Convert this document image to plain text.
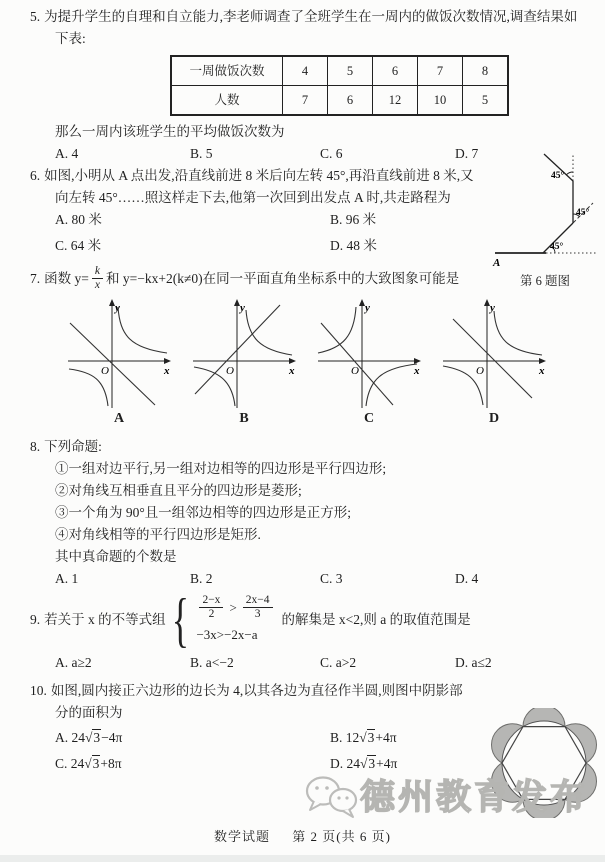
5. 为提升学生的自理和自立能力,李老师调查了全班学生在一周内的做饭次数情况,调查结果如下表:
一周做饭次数	4	5	6	7	8
人数	7	6	12	10	5
那么一周内该班学生的平均做饭次数为
A. 4	B. 5	C. 6	D. 7
6. 如图,小明从 A 点出发,沿直线前进 8 米后向左转 45°,再沿直线前进 8 米,又向左转 45°……照这样走下去,他第一次回到出发点 A 时,共走路程为
A. 80 米	B. 96 米
C. 64 米	D. 48 米	45°
45°
45°
A
第 6 题图
7. 函数 $y= \frac{k}{x}$ 和 y=−kx+2(k≠0)在同一平面直角坐标系中的大致图象可能是
y
x
O
A
y
x
O
B
y
x
O
C
y
x
O
D
8. 下列命题:
①一组对边平行,另一组对边相等的四边形是平行四边形;
②对角线互相垂直且平分的四边形是菱形;
③一个角为 90°且一组邻边相等的四边形是正方形;
④对角线相等的平行四边形是矩形.
其中真命题的个数是
A. 1	B. 2	C. 3	D. 4
9. 若关于 x 的不等式组 { $\frac{2-x}{2} > \frac{2x-4}{3}$
−3x>−2x−a
的解集是 x<2,则 a 的取值范围是
A. a≥2	B. a<−2	C. a>2	D. a≤2
10. 如图,圆内接正六边形的边长为 4,以其各边为直径作半圆,则图中阴影部分的面积为
A. 24√3−4π	B. 12√3+4π
C. 24√3+8π	D. 24√3+4π
德州教育发布
数学试题 第 2 页(共 6 页)
